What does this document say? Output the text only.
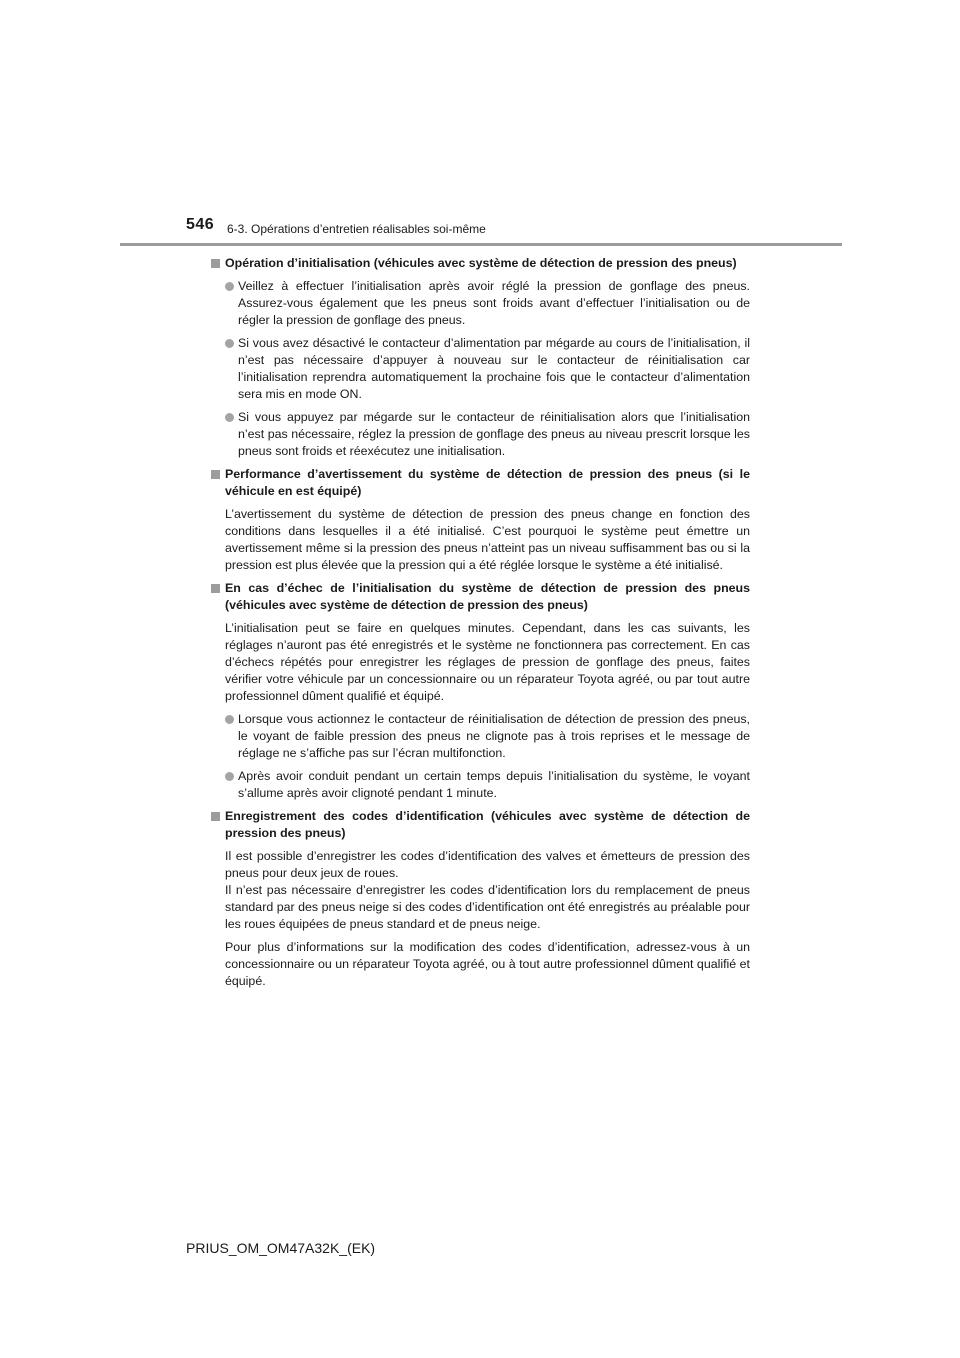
546 6-3. Opérations d’entretien réalisables soi-même
Opération d’initialisation (véhicules avec système de détection de pression des pneus)
Veillez à effectuer l’initialisation après avoir réglé la pression de gonflage des pneus. Assurez-vous également que les pneus sont froids avant d’effectuer l’initialisation ou de régler la pression de gonflage des pneus.
Si vous avez désactivé le contacteur d’alimentation par mégarde au cours de l’initialisation, il n’est pas nécessaire d’appuyer à nouveau sur le contacteur de réinitialisation car l’initialisation reprendra automatiquement la prochaine fois que le contacteur d’alimentation sera mis en mode ON.
Si vous appuyez par mégarde sur le contacteur de réinitialisation alors que l’initialisation n’est pas nécessaire, réglez la pression de gonflage des pneus au niveau prescrit lorsque les pneus sont froids et réexécutez une initialisation.
Performance d’avertissement du système de détection de pression des pneus (si le véhicule en est équipé)
L’avertissement du système de détection de pression des pneus change en fonction des conditions dans lesquelles il a été initialisé. C’est pourquoi le système peut émettre un avertissement même si la pression des pneus n’atteint pas un niveau suffisamment bas ou si la pression est plus élevée que la pression qui a été réglée lorsque le système a été initialisé.
En cas d’échec de l’initialisation du système de détection de pression des pneus (véhicules avec système de détection de pression des pneus)
L’initialisation peut se faire en quelques minutes. Cependant, dans les cas suivants, les réglages n’auront pas été enregistrés et le système ne fonctionnera pas correctement. En cas d’échecs répétés pour enregistrer les réglages de pression de gonflage des pneus, faites vérifier votre véhicule par un concessionnaire ou un réparateur Toyota agréé, ou par tout autre professionnel dûment qualifié et équipé.
Lorsque vous actionnez le contacteur de réinitialisation de détection de pression des pneus, le voyant de faible pression des pneus ne clignote pas à trois reprises et le message de réglage ne s’affiche pas sur l’écran multifonction.
Après avoir conduit pendant un certain temps depuis l’initialisation du système, le voyant s’allume après avoir clignoté pendant 1 minute.
Enregistrement des codes d’identification (véhicules avec système de détection de pression des pneus)
Il est possible d’enregistrer les codes d’identification des valves et émetteurs de pression des pneus pour deux jeux de roues.
Il n’est pas nécessaire d’enregistrer les codes d’identification lors du remplacement de pneus standard par des pneus neige si des codes d’identification ont été enregistrés au préalable pour les roues équipées de pneus standard et de pneus neige.
Pour plus d’informations sur la modification des codes d’identification, adressez-vous à un concessionnaire ou un réparateur Toyota agréé, ou à tout autre professionnel dûment qualifié et équipé.
PRIUS_OM_OM47A32K_(EK)
